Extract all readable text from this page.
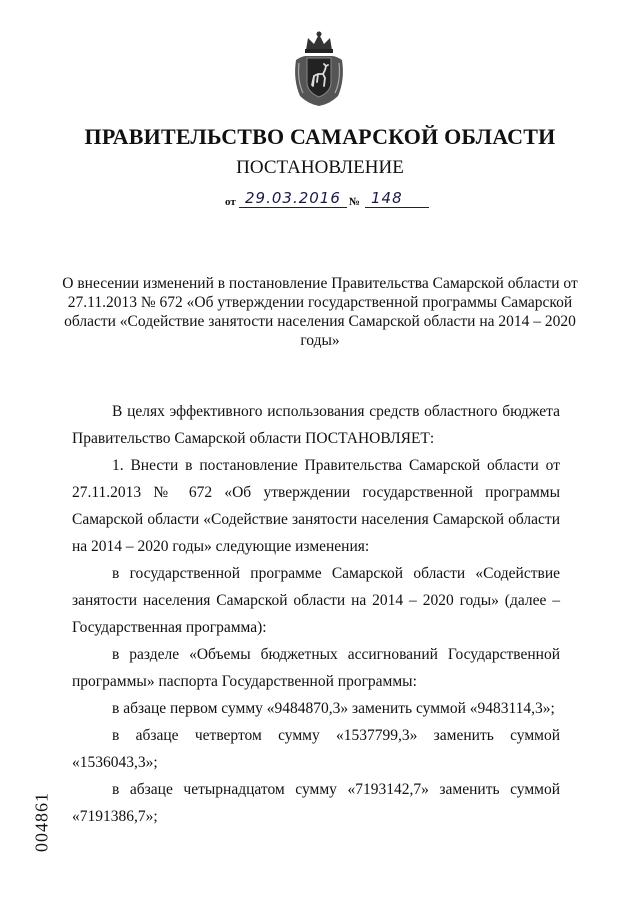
ПРАВИТЕЛЬСТВО САМАРСКОЙ ОБЛАСТИ
ПОСТАНОВЛЕНИЕ
от 29.03.2016 № 148
О внесении изменений в постановление Правительства Самарской области от 27.11.2013 № 672 «Об утверждении государственной программы Самарской области «Содействие занятости населения Самарской области на 2014 – 2020 годы»

В целях эффективного использования средств областного бюджета Правительство Самарской области ПОСТАНОВЛЯЕТ:

1. Внести в постановление Правительства Самарской области от 27.11.2013 № 672 «Об утверждении государственной программы Самарской области «Содействие занятости населения Самарской области на 2014 – 2020 годы» следующие изменения:

в государственной программе Самарской области «Содействие занятости населения Самарской области на 2014 – 2020 годы» (далее – Государственная программа):

в разделе «Объемы бюджетных ассигнований Государственной программы» паспорта Государственной программы:

в абзаце первом сумму «9484870,3» заменить суммой «9483114,3»;

в абзаце четвертом сумму «1537799,3» заменить суммой «1536043,3»;

в абзаце четырнадцатом сумму «7193142,7» заменить суммой «7191386,7»;

004861
